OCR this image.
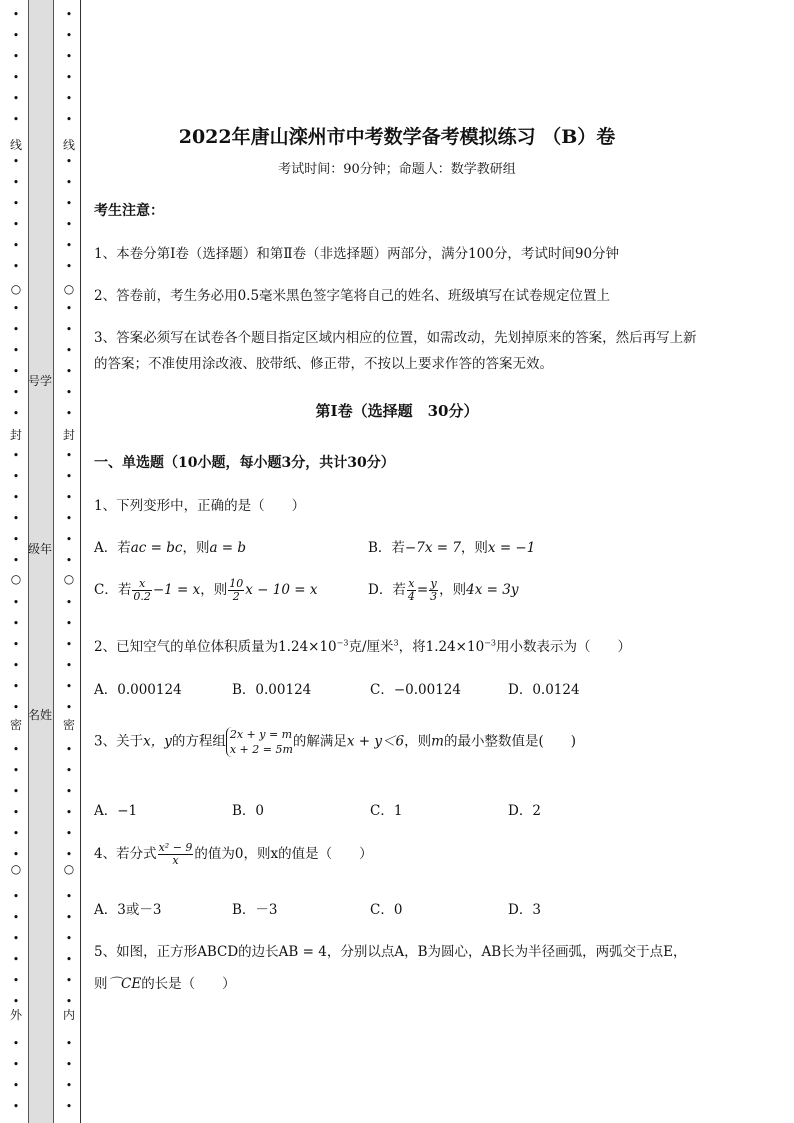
•
•
•
•
•
•
•
•
•
•
•
•
•
•
•
•
•
•
•
•
•
•
•
•
•
•
•
•
•
•
•
•
•
•
•
•
•
•
•
•
•
•
•
•
•
•
线
○
封
○
密
○
外
•
•
•
•
•
•
•
•
•
•
•
•
•
•
•
•
•
•
•
•
•
•
•
•
•
•
•
•
•
•
•
•
•
•
•
•
•
•
•
•
•
•
•
•
•
•
线
○
封
○
密
○
内
号学
级年
名姓
2022年唐山滦州市中考数学备考模拟练习 （B）卷
考试时间：90分钟；命题人：数学教研组
考生注意：
1、本卷分第Ⅰ卷（选择题）和第Ⅱ卷（非选择题）两部分，满分100分，考试时间90分钟
2、答卷前，考生务必用0.5毫米黑色签字笔将自己的姓名、班级填写在试卷规定位置上
3、答案必须写在试卷各个题目指定区域内相应的位置，如需改动，先划掉原来的答案，然后再写上新
的答案；不准使用涂改液、胶带纸、修正带，不按以上要求作答的答案无效。
第Ⅰ卷（选择题　30分）
一、单选题（10小题，每小题3分，共计30分）
1、下列变形中，正确的是（　　）
A．若ac = bc，则a = b	B．若−7x = 7，则x = −1
C．若 $\frac{x}{0.2} -1 = x$，则 $\frac{10}{2}$ x − 10 = x	D．若 $\frac{x}{4} = \frac{y}{3}$ ，则4x = 3y
2、已知空气的单位体积质量为$1.24\times 10^{-3}$克/厘米$^3$，将$1.24\times 10^{-3}$用小数表示为（　　）
A．0.000124	B．0.00124	C．−0.00124	D．0.0124
3、关于x，y的方程组 2x + y = m
x + 2 = 5m 的解满足x + y＜6，则m的最小整数值是(　　)
A．−1	B．0	C．1	D．2
4、若分式 $\frac{\text{x² − 9}}{x}$ 的值为0，则x的值是（　　）
A．3或－3	B．－3	C．0	D．3
5、如图，正方形ABCD的边长AB = 4，分别以点A，B为圆心，AB长为半径画弧，两弧交于点E，
则⌒CE的长是（　　）
